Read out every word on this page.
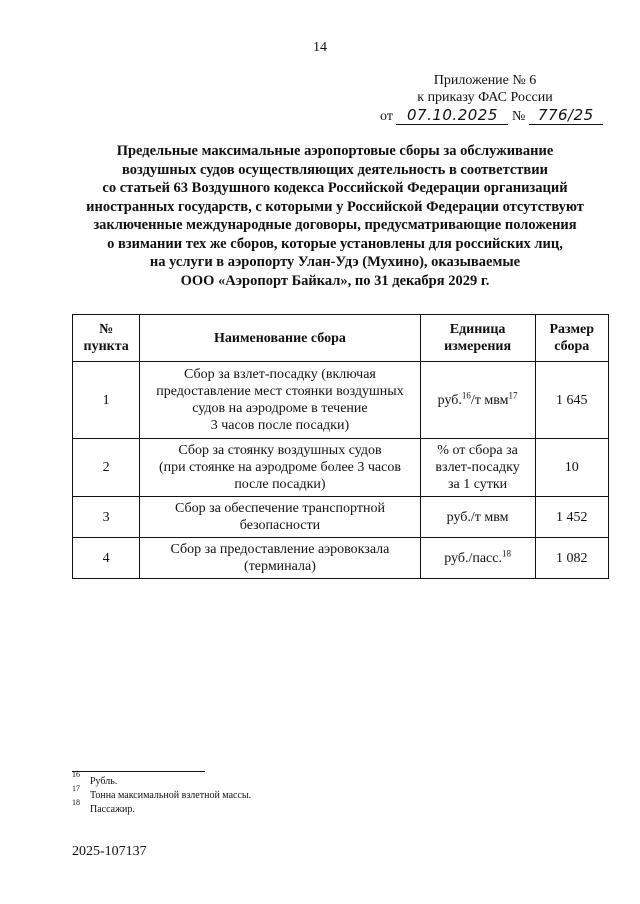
14
Приложение № 6
к приказу ФАС России
от 07.10.2025 № 776/25
Предельные максимальные аэропортовые сборы за обслуживание
воздушных судов осуществляющих деятельность в соответствии
со статьей 63 Воздушного кодекса Российской Федерации организаций
иностранных государств, с которыми у Российской Федерации отсутствуют
заключенные международные договоры, предусматривающие положения
о взимании тех же сборов, которые установлены для российских лиц,
на услуги в аэропорту Улан-Удэ (Мухино), оказываемые
ООО «Аэропорт Байкал», по 31 декабря 2029 г.
№ пункта	Наименование сбора	Единица измерения	Размер сбора
1	Сбор за взлет-посадку (включая
предоставление мест стоянки воздушных
судов на аэродроме в течение
3 часов после посадки)	руб.$^{16}$/т мвм$^{17}$	1 645
2	Сбор за стоянку воздушных судов
(при стоянке на аэродроме более 3 часов
после посадки)	% от сбора за
взлет-посадку
за 1 сутки	10
3	Сбор за обеспечение транспортной
безопасности	руб./т мвм	1 452
4	Сбор за предоставление аэровокзала
(терминала)	руб./пасс.$^{18}$	1 082
16
Рубль.
17
Тонна максимальной взлетной массы.
18
Пассажир.
2025-107137
